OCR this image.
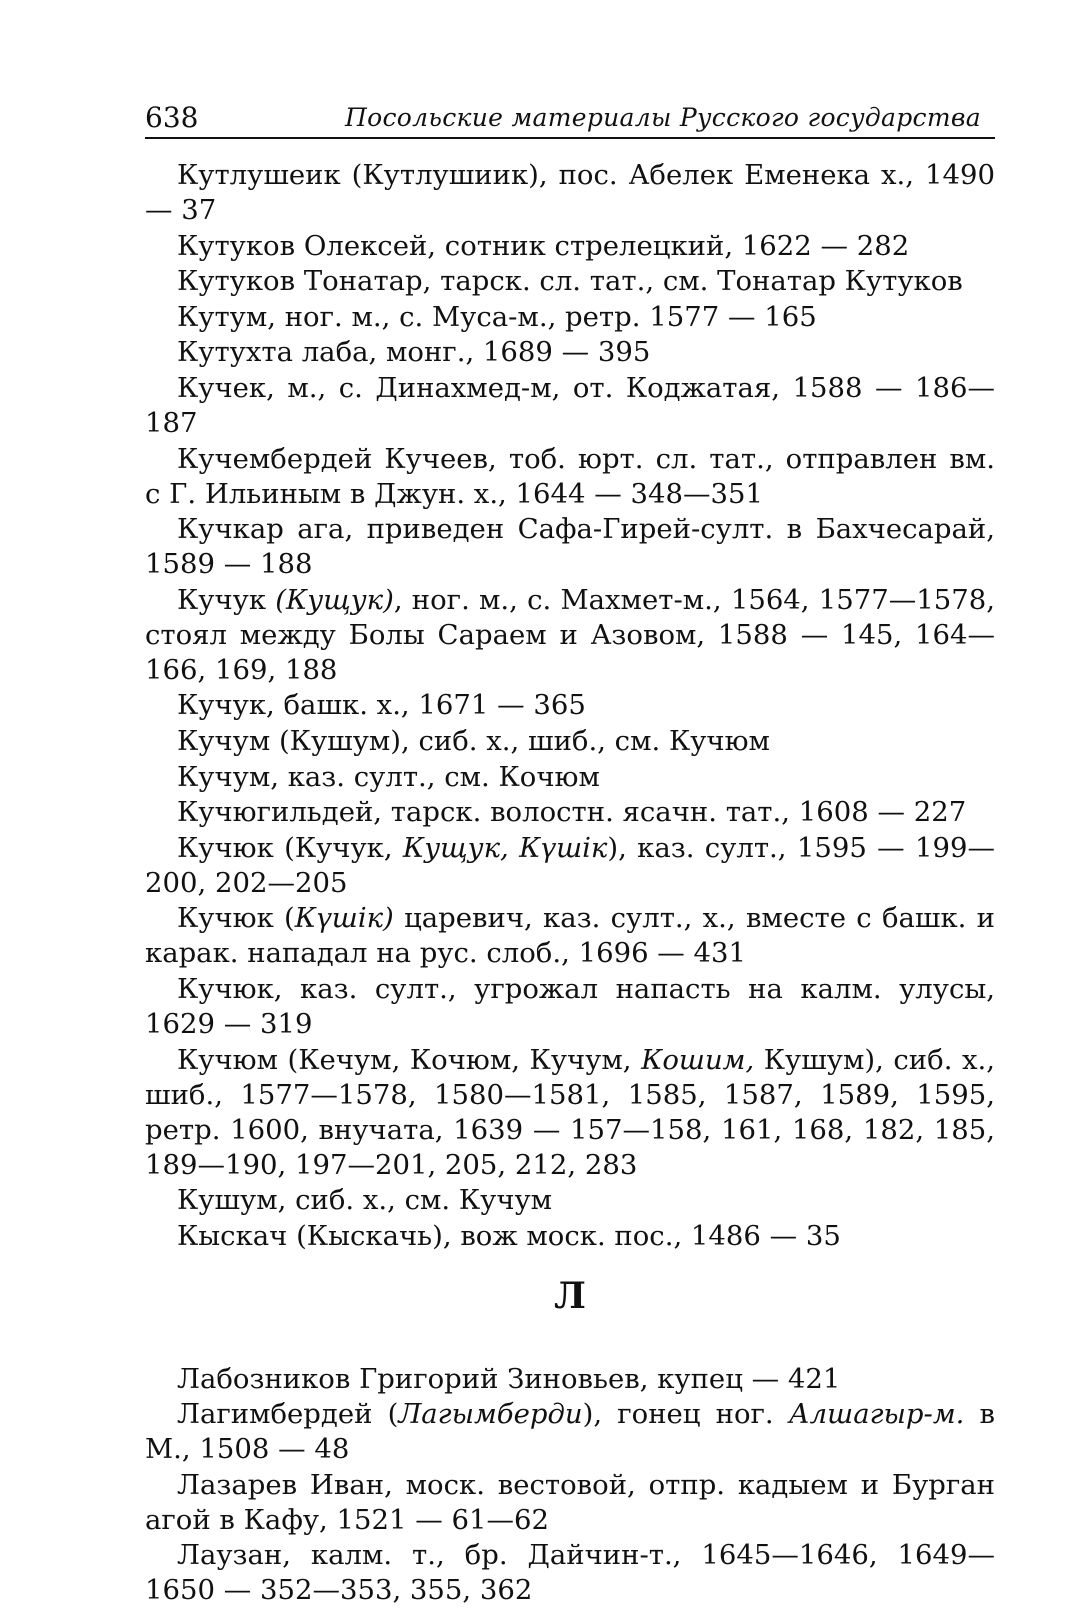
638	Посольские материалы Русского государства

Кутлушеик (Кутлушиик), пос. Абелек Еменека х., 1490 — 37

Кутуков Олексей, сотник стрелецкий, 1622 — 282

Кутуков Тонатар, тарск. сл. тат., см. Тонатар Кутуков

Кутум, ног. м., с. Муса-м., ретр. 1577 — 165

Кутухта лаба, монг., 1689 — 395

Кучек, м., с. Динахмед-м, от. Коджатая, 1588 — 186—187

Кучембердей Кучеев, тоб. юрт. сл. тат., отправлен вм. с Г. Ильиным в Джун. х., 1644 — 348—351

Кучкар ага, приведен Сафа-Гирей-султ. в Бахчесарай, 1589 — 188

Кучук (Кущук), ног. м., с. Махмет-м., 1564, 1577—1578, стоял между Болы Сараем и Азовом, 1588 — 145, 164—166, 169, 188

Кучук, башк. х., 1671 — 365

Кучум (Кушум), сиб. х., шиб., см. Кучюм

Кучум, каз. султ., см. Кочюм

Кучюгильдей, тарск. волостн. ясачн. тат., 1608 — 227

Кучюк (Кучук, Кущук, Күшік), каз. султ., 1595 — 199—200, 202—205

Кучюк (Күшік) царевич, каз. султ., х., вместе с башк. и карак. нападал на рус. слоб., 1696 — 431

Кучюк, каз. султ., угрожал напасть на калм. улусы, 1629 — 319

Кучюм (Кечум, Кочюм, Кучум, Кошим, Кушум), сиб. х., шиб., 1577—1578, 1580—1581, 1585, 1587, 1589, 1595, ретр. 1600, внучата, 1639 — 157—158, 161, 168, 182, 185, 189—190, 197—201, 205, 212, 283

Кушум, сиб. х., см. Кучум

Кыскач (Кыскачь), вож моск. пос., 1486 — 35

Л

Лабозников Григорий Зиновьев, купец — 421

Лагимбердей (Лагымберди), гонец ног. Алшагыр-м. в М., 1508 — 48

Лазарев Иван, моск. вестовой, отпр. кадыем и Бурган агой в Кафу, 1521 — 61—62

Лаузан, калм. т., бр. Дайчин-т., 1645—1646, 1649—1650 — 352—353, 355, 362
